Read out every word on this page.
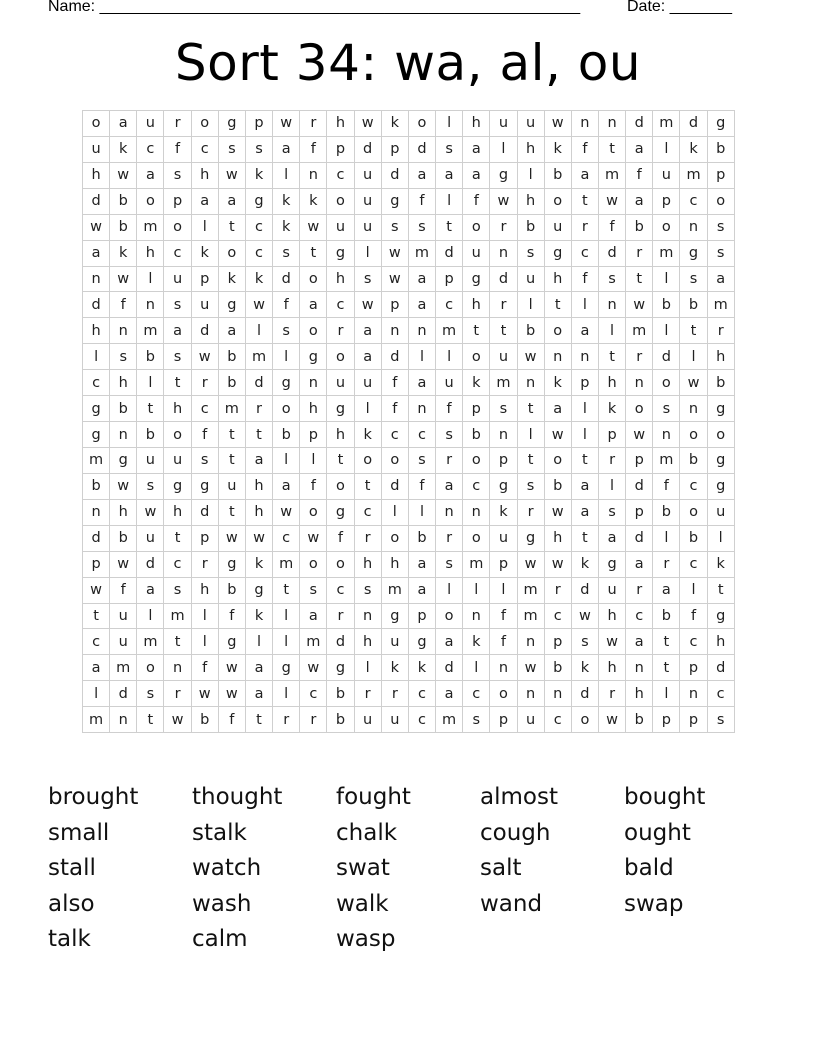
Name: ______________________________________________________	Date: _______
Sort 34: wa, al, ou
o	a	u	r	o	g	p	w	r	h	w	k	o	l	h	u	u	w	n	n	d	m	d	g
u	k	c	f	c	s	s	a	f	p	d	p	d	s	a	l	h	k	f	t	a	l	k	b
h	w	a	s	h	w	k	l	n	c	u	d	a	a	a	g	l	b	a	m	f	u	m	p
d	b	o	p	a	a	g	k	k	o	u	g	f	l	f	w	h	o	t	w	a	p	c	o
w	b	m	o	l	t	c	k	w	u	u	s	s	t	o	r	b	u	r	f	b	o	n	s
a	k	h	c	k	o	c	s	t	g	l	w	m	d	u	n	s	g	c	d	r	m	g	s
n	w	l	u	p	k	k	d	o	h	s	w	a	p	g	d	u	h	f	s	t	l	s	a
d	f	n	s	u	g	w	f	a	c	w	p	a	c	h	r	l	t	l	n	w	b	b	m
h	n	m	a	d	a	l	s	o	r	a	n	n	m	t	t	b	o	a	l	m	l	t	r
l	s	b	s	w	b	m	l	g	o	a	d	l	l	o	u	w	n	n	t	r	d	l	h
c	h	l	t	r	b	d	g	n	u	u	f	a	u	k	m	n	k	p	h	n	o	w	b
g	b	t	h	c	m	r	o	h	g	l	f	n	f	p	s	t	a	l	k	o	s	n	g
g	n	b	o	f	t	t	b	p	h	k	c	c	s	b	n	l	w	l	p	w	n	o	o
m	g	u	u	s	t	a	l	l	t	o	o	s	r	o	p	t	o	t	r	p	m	b	g
b	w	s	g	g	u	h	a	f	o	t	d	f	a	c	g	s	b	a	l	d	f	c	g
n	h	w	h	d	t	h	w	o	g	c	l	l	n	n	k	r	w	a	s	p	b	o	u
d	b	u	t	p	w	w	c	w	f	r	o	b	r	o	u	g	h	t	a	d	l	b	l
p	w	d	c	r	g	k	m	o	o	h	h	a	s	m	p	w	w	k	g	a	r	c	k
w	f	a	s	h	b	g	t	s	c	s	m	a	l	l	l	m	r	d	u	r	a	l	t
t	u	l	m	l	f	k	l	a	r	n	g	p	o	n	f	m	c	w	h	c	b	f	g
c	u	m	t	l	g	l	l	m	d	h	u	g	a	k	f	n	p	s	w	a	t	c	h
a	m	o	n	f	w	a	g	w	g	l	k	k	d	l	n	w	b	k	h	n	t	p	d
l	d	s	r	w	w	a	l	c	b	r	r	c	a	c	o	n	n	d	r	h	l	n	c
m	n	t	w	b	f	t	r	r	b	u	u	c	m	s	p	u	c	o	w	b	p	p	s
brought	thought	fought	almost	bought
small	stalk	chalk	cough	ought
stall	watch	swat	salt	bald
also	wash	walk	wand	swap
talk	calm	wasp
